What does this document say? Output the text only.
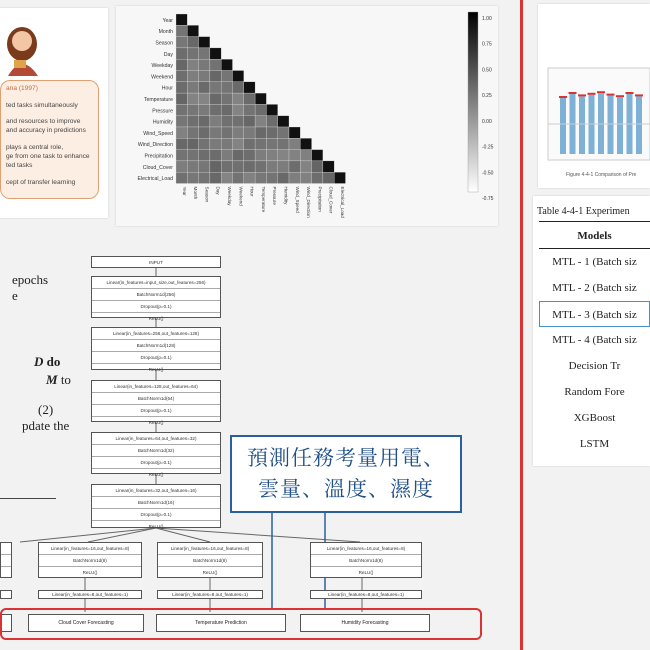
ana (1997)
ted tasks simultaneously
and resources to improve
and accuracy in predictions
plays a central role,
ge from one task to enhance
ted tasks
cept of transfer learning
Year
Year
Month
Month
Season
Season
Day
Day
Weekday
Weekday
Weekend
Weekend
Hour
Hour
Temperature
Temperature
Pressure
Pressure
Humidity
Humidity
Wind_Speed
Wind_Speed
Wind_Direction
Wind_Direction
Precipitation
Precipitation
Cloud_Cover
Cloud_Cover
Electrical_Load
Electrical_Load
1.00
0.75
0.50
0.25
0.00
-0.25
-0.50
-0.75
epochs
e
D do
M to
(2)
pdate the
INPUT
Linear(in_features=input_size,out_features=256)
BatchNorm1d(256)
Dropout(p=0.1)
ReLU()
Linear(in_features=256,out_features=128)
BatchNorm1d(128)
Dropout(p=0.1)
ReLU()
Linear(in_features=128,out_features=64)
BatchNorm1d(64)
Dropout(p=0.1)
ReLU()
Linear(in_features=64,out_features=32)
BatchNorm1d(32)
Dropout(p=0.1)
ReLU()
Linear(in_features=32,out_features=16)
BatchNorm1d(16)
Dropout(p=0.1)
ReLU()
Linear(in_features=16,out_features=8)
BatchNorm1d(8)
ReLU()
Linear(in_features=16,out_features=8)
BatchNorm1d(8)
ReLU()
Linear(in_features=16,out_features=8)
BatchNorm1d(8)
ReLU()
Linear(in_features=8,out_features=1)	Linear(in_features=8,out_features=1)	Linear(in_features=8,out_features=1)
Cloud Cover Forecasting	Temperature Prediction	Humidity Forecasting
預測任務考量用電、
雲量、溫度、濕度
Figure 4-4-1 Comparison of Pre
Table 4-4-1 Experimen
Models
MTL - 1 (Batch siz
MTL - 2 (Batch siz
MTL - 3 (Batch siz
MTL - 4 (Batch siz
Decision Tr
Random Fore
XGBoost
LSTM
